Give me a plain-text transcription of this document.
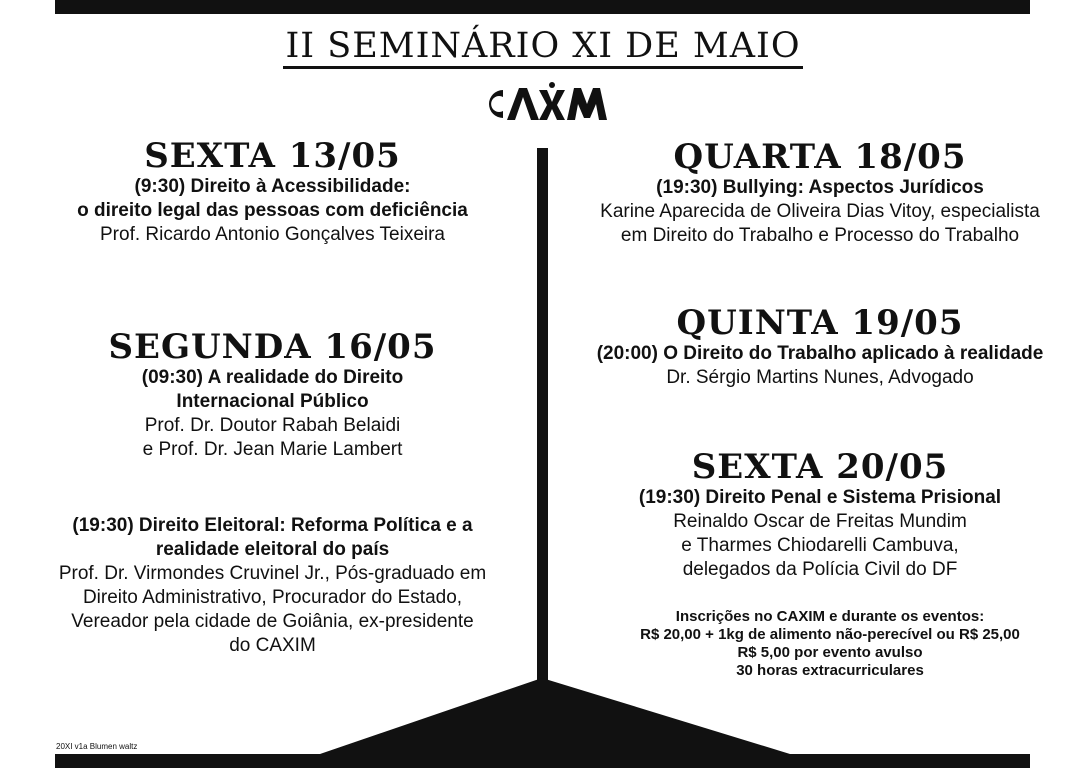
II SEMINÁRIO XI DE MAIO
SEXTA 13/05
(9:30) Direito à Acessibilidade:
o direito legal das pessoas com deficiência
Prof. Ricardo Antonio Gonçalves Teixeira
SEGUNDA 16/05
(09:30) A realidade do Direito
Internacional Público
Prof. Dr. Doutor Rabah Belaidi
e Prof. Dr. Jean Marie Lambert
(19:30) Direito Eleitoral: Reforma Política e a
realidade eleitoral do país
Prof. Dr. Virmondes Cruvinel Jr., Pós-graduado em
Direito Administrativo, Procurador do Estado,
Vereador pela cidade de Goiânia, ex-presidente
do CAXIM
QUARTA 18/05
(19:30) Bullying: Aspectos Jurídicos
Karine Aparecida de Oliveira Dias Vitoy, especialista
em Direito do Trabalho e Processo do Trabalho
QUINTA 19/05
(20:00) O Direito do Trabalho aplicado à realidade
Dr. Sérgio Martins Nunes, Advogado
SEXTA 20/05
(19:30) Direito Penal e Sistema Prisional
Reinaldo Oscar de Freitas Mundim
e Tharmes Chiodarelli Cambuva,
delegados da Polícia Civil do DF
Inscrições no CAXIM e durante os eventos:
R$ 20,00 + 1kg de alimento não-perecível ou R$ 25,00
R$ 5,00 por evento avulso
30 horas extracurriculares
20XI v1a Blumen waltz
